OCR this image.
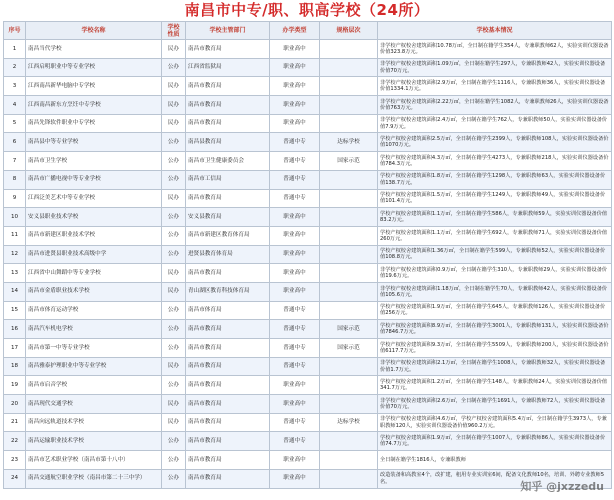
南昌市中专/职、职高学校（24所）
序号	学校名称	学校
性质	学校主管部门	办学类型	规格层次	学校基本情况
1	南昌当代学校	民办	南昌市教育局	职业高中		非学校产权校舍建筑面积10.78万㎡，全日制在籍学生354人，专兼职教师62人，实验实训仪器设备价值323.8万元。
2	江西启明职业中等专业学校	公办	江西省监狱局	职业高中		非学校产权校舍建筑面积1.09万㎡，全日制在籍学生297人，专兼职教师42人，实验实训仪器设备价值70万元。
3	江西南昌新华电脑中专学校	民办	南昌市教育局	职业高中		非学校产权校舍建筑面积2.9万㎡，全日制在籍学生1116人，专兼职教师36人，实验实训仪器设备价值1334.1万元。
4	江西南昌新东方烹饪中专学校	民办	南昌市教育局	职业高中		非学校产权校舍建筑面积2.22万㎡，全日制在籍学生1082人，专兼职教师26人，实验实训仪器设备价值763万元。
5	南昌先锋软件职业中专学校	民办	南昌市教育局	职业高中		非学校产权校舍建筑面积2.4万㎡，全日制在籍学生762人，专兼职教师50人，实验实训仪器设备价值7.9万元。
6	南昌县中等专业学校	公办	南昌县教育局	普通中专	达标学校	学校产权校舍建筑面积2.5万㎡，全日制在籍学生2399人，专兼职教师108人，实验实训仪器设备价值1070万元。
7	南昌市卫生学校	公办	南昌市卫生健康委员会	普通中专	国家示范	学校产权校舍建筑面积4.3万㎡，全日制在籍学生4273人，专兼职教师218人，实验实训仪器设备价值784.3万元。
8	南昌市广播电视中等专业学校	公办	南昌市工信局	普通中专		学校产权校舍建筑面积1.8万㎡，全日制在籍学生1298人，专兼职教师63人，实验实训仪器设备价值138.7万元。
9	江西泛美艺术中等专业学校	民办	南昌市教育局	普通中专		学校产权校舍建筑面积1.5万㎡，全日制在籍学生1249人，专兼职教师49人，实验实训仪器设备价值101.4万元。
10	安义县职业技术学校	公办	安义县教育局	职业高中		学校产权校舍建筑面积1.1万㎡，全日制在籍学生586人，专兼职教师59人，实验实训仪器设备价值83.2万元。
11	南昌市新建区职业技术学校	公办	南昌市新建区教育体育局	职业高中		学校产权校舍建筑面积1.1万㎡，全日制在籍学生692人，专兼职教师71人，实验实训仪器设备价值260万元。
12	南昌市进贤县职业技术高级中学	公办	进贤县教育体育局	职业高中		学校产权校舍建筑面积1.36万㎡，全日制在籍学生599人，专兼职教师52人，实验实训仪器设备价值108.8万元。
13	江西省中山舞蹈中等专业学校	民办	南昌市教育局	职业高中		非学校产权校舍建筑面积0.9万㎡，全日制在籍学生310人，专兼职教师29人，实验实训仪器设备价值19.6万元。
14	南昌市金盾职业技术学校	民办	青山湖区教育科技体育局	职业高中		非学校产权校舍建筑面积1.18万㎡，全日制在籍学生70人，专兼职教师42人，实验实训仪器设备价值105.6万元。
15	南昌市体育运动学校	公办	南昌市体育局	普通中专		学校产权校舍建筑面积1.9万㎡，全日制在籍学生645人，专兼职教师126人，实验实训仪器设备价值256万元。
16	南昌汽车机电学校	公办	南昌市教育局	普通中专	国家示范	学校产权校舍建筑面积8.9万㎡，全日制在籍学生3001人，专兼职教师131人，实验实训仪器设备价值7846.7万元。
17	南昌市第一中等专业学校	公办	南昌市教育局	普通中专	国家示范	学校产权校舍建筑面积9.3万㎡，全日制在籍学生5509人，专兼职教师200人，实验实训仪器设备价值6117.7万元。
18	南昌雅泰护理职业中等专业学校	民办	南昌市教育局	普通中专		非学校产权校舍建筑面积2.1万㎡，全日制在籍学生1008人，专兼职教师32人，实验实训仪器设备价值1.7万元。
19	南昌市启音学校	公办	南昌市教育局	职业高中		学校产权校舍建筑面积1.2万㎡，全日制在籍学生148人，专兼职教师24人，实验实训仪器设备价值341.7万元。
20	南昌现代交通学校	民办	南昌市教育局	职业高中		非学校产权校舍建筑面积2.6万㎡，全日制在籍学生1691人，专兼职教师72人，实验实训仪器设备价值70万元。
21	南昌向远轨道技术学校	民办	南昌市教育局	普通中专	达标学校	非学校产权校舍建筑面积4.6万㎡，学校产权校舍建筑面积5.4万㎡，全日制在籍学生3973人，专兼职教师120人，实验实训仪器设备价值960.2万元。
22	南昌运输职业技术学校	公办	南昌市教育局	普通中专		学校产权校舍建筑面积1.9万㎡，全日制在籍学生1007人，专兼职教师86人，实验实训仪器设备价值74.7万元。
23	南昌市艺术职业学校（南昌市第十八中）	公办	南昌市教育局	职业高中		全日制在籍学生1816人，专兼职教师
24	南昌交通航空职业学校（南昌市第二十三中学）	公办	南昌市教育局	职业高中		改造装备和高教室4个，改扩建，租用专业实训室6间，配备文化教师10名，培训、外聘专业教师5名。	知乎 @jxzzedu
